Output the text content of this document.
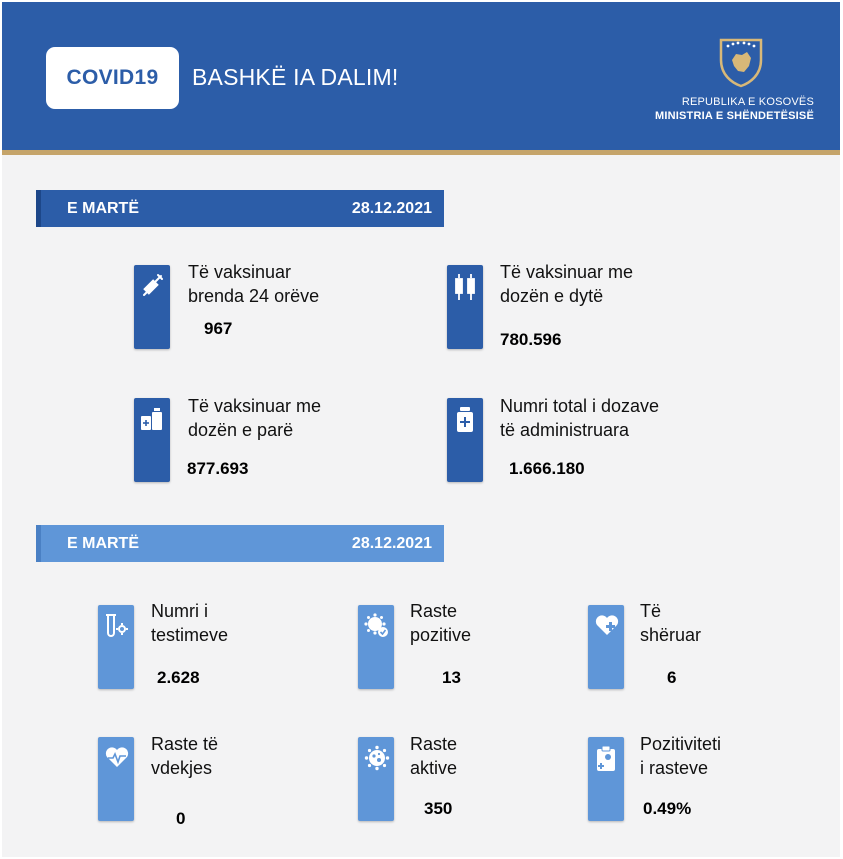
COVID19 BASHKË IA DALIM!
REPUBLIKA E KOSOVËS
MINISTRIA E SHËNDETËSISË
E MARTË	28.12.2021
Të vaksinuar
brenda 24 orëve
967
Të vaksinuar me
dozën e dytë
780.596
Të vaksinuar me
dozën e parë
877.693
Numri total i dozave
të administruara
1.666.180
E MARTË	28.12.2021
Numri i
testimeve
2.628
Raste
pozitive
13
Të
shëruar
6
Raste të
vdekjes
0
Raste
aktive
350
Pozitiviteti
i rasteve
0.49%
